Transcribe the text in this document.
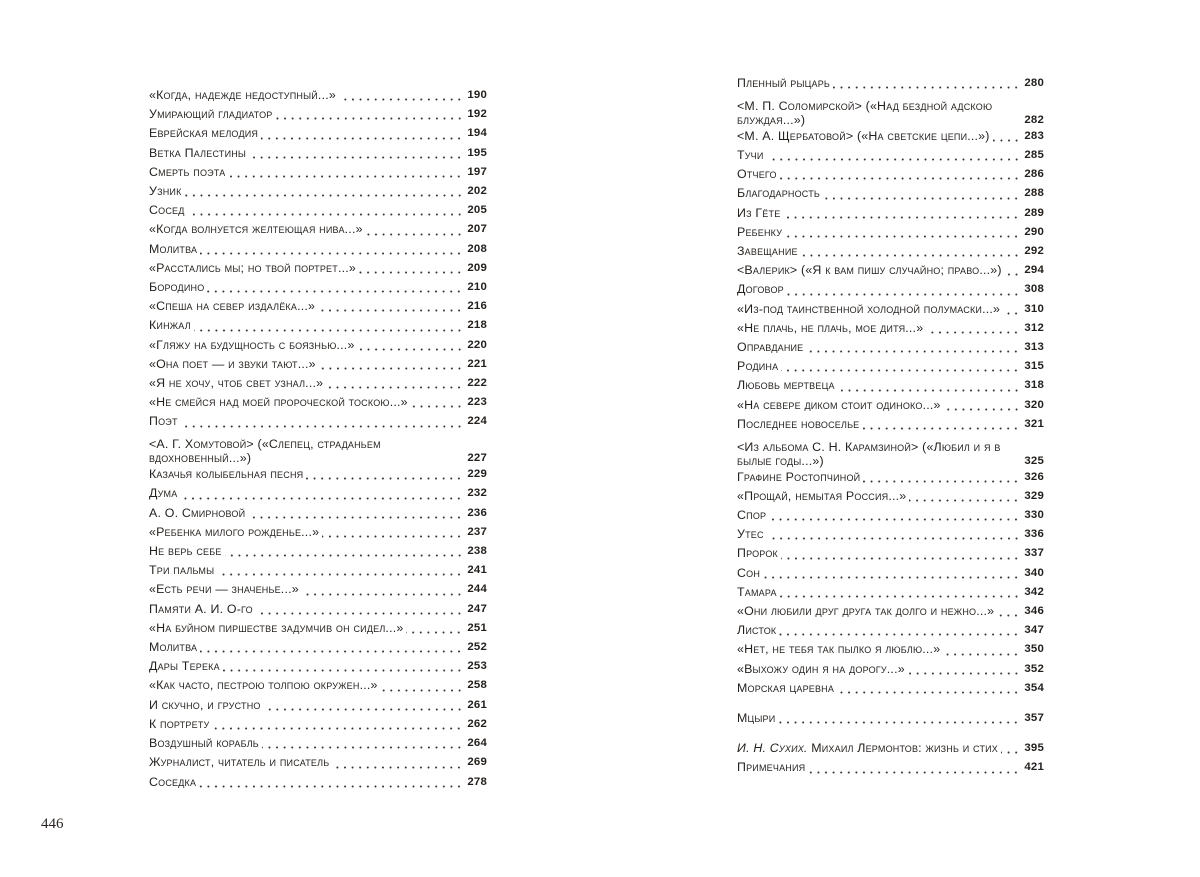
«Когда, надежде недоступный...»	190
Умирающий гладиатор	192
Еврейская мелодия	194
Ветка Палестины	195
Смерть поэта	197
Узник	202
Сосед	205
«Когда волнуется желтеющая нива...»	207
Молитва	208
«Расстались мы; но твой портрет...»	209
Бородино	210
«Спеша на север издалёка...»	216
Кинжал	218
«Гляжу на будущность с боязнью...»	220
«Она поет — и звуки тают...»	221
«Я не хочу, чтоб свет узнал...»	222
«Не смейся над моей пророческой тоскою...»	223
Поэт	224
<А. Г. Хомутовой> («Слепец, страданьем вдохновенный...»)	227
Казачья колыбельная песня	229
Дума	232
А. О. Смирновой	236
«Ребенка милого рожденье...»	237
Не верь себе	238
Три пальмы	241
«Есть речи — значенье...»	244
Памяти А. И. О-го	247
«На буйном пиршестве задумчив он сидел...»	251
Молитва	252
Дары Терека	253
«Как часто, пестрою толпою окружен...»	258
И скучно, и грустно	261
К портрету	262
Воздушный корабль	264
Журналист, читатель и писатель	269
Соседка	278
Пленный рыцарь	280
<М. П. Соломирской> («Над бездной адскою блуждая...»)	282
<М. А. Щербатовой> («На светские цепи...»)	283
Тучи	285
Отчего	286
Благодарность	288
Из Гёте	289
Ребенку	290
Завещание	292
<Валерик> («Я к вам пишу случайно; право...») 294
Договор	308
«Из-под таинственной холодной полумаски...» 310
«Не плачь, не плачь, мое дитя...»	312
Оправдание	313
Родина	315
Любовь мертвеца	318
«На севере диком стоит одиноко...»	320
Последнее новоселье	321
<Из альбома С. Н. Карамзиной> («Любил и я в былые годы...»)	325
Графине Ростопчиной	326
«Прощай, немытая Россия...»	329
Спор	330
Утес	336
Пророк	337
Сон	340
Тамара	342
«Они любили друг друга так долго и нежно...»	346
Листок	347
«Нет, не тебя так пылко я люблю...»	350
«Выхожу один я на дорогу...»	352
Морская царевна	354
Мцыри	357
И. Н. Сухих. Михаил Лермонтов: жизнь и стих 395
Примечания	421
446
